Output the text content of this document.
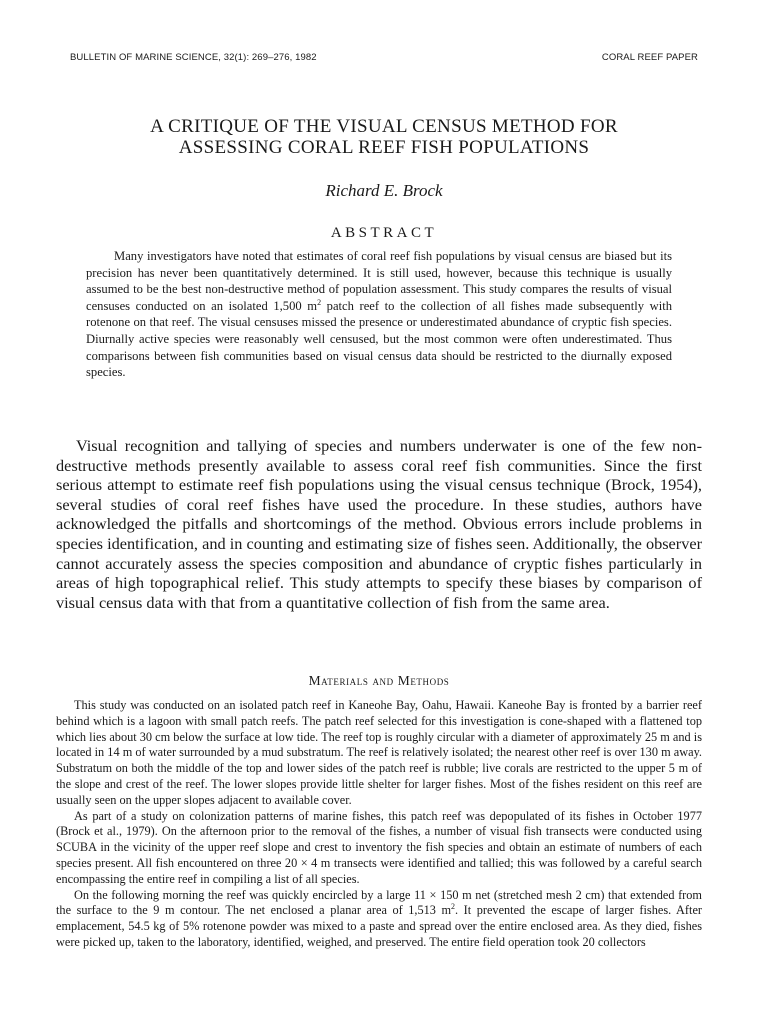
BULLETIN OF MARINE SCIENCE, 32(1): 269–276, 1982	CORAL REEF PAPER
A CRITIQUE OF THE VISUAL CENSUS METHOD FOR
ASSESSING CORAL REEF FISH POPULATIONS
Richard E. Brock
ABSTRACT

Many investigators have noted that estimates of coral reef fish populations by visual census are biased but its precision has never been quantitatively determined. It is still used, however, because this technique is usually assumed to be the best non-destructive method of population assessment. This study compares the results of visual censuses conducted on an isolated 1,500 $m^2$ patch reef to the collection of all fishes made subsequently with rotenone on that reef. The visual censuses missed the presence or underestimated abundance of cryptic fish species. Diurnally active species were reasonably well censused, but the most common were often underestimated. Thus comparisons between fish communities based on visual census data should be restricted to the diurnally exposed species.

Visual recognition and tallying of species and numbers underwater is one of the few non-destructive methods presently available to assess coral reef fish communities. Since the first serious attempt to estimate reef fish populations using the visual census technique (Brock, 1954), several studies of coral reef fishes have used the procedure. In these studies, authors have acknowledged the pitfalls and shortcomings of the method. Obvious errors include problems in species identification, and in counting and estimating size of fishes seen. Additionally, the observer cannot accurately assess the species composition and abundance of cryptic fishes particularly in areas of high topographical relief. This study attempts to specify these biases by comparison of visual census data with that from a quantitative collection of fish from the same area.

Materials and Methods

This study was conducted on an isolated patch reef in Kaneohe Bay, Oahu, Hawaii. Kaneohe Bay is fronted by a barrier reef behind which is a lagoon with small patch reefs. The patch reef selected for this investigation is cone-shaped with a flattened top which lies about 30 cm below the surface at low tide. The reef top is roughly circular with a diameter of approximately 25 m and is located in 14 m of water surrounded by a mud substratum. The reef is relatively isolated; the nearest other reef is over 130 m away. Substratum on both the middle of the top and lower sides of the patch reef is rubble; live corals are restricted to the upper 5 m of the slope and crest of the reef. The lower slopes provide little shelter for larger fishes. Most of the fishes resident on this reef are usually seen on the upper slopes adjacent to available cover.

As part of a study on colonization patterns of marine fishes, this patch reef was depopulated of its fishes in October 1977 (Brock et al., 1979). On the afternoon prior to the removal of the fishes, a number of visual fish transects were conducted using SCUBA in the vicinity of the upper reef slope and crest to inventory the fish species and obtain an estimate of numbers of each species present. All fish encountered on three 20 × 4 m transects were identified and tallied; this was followed by a careful search encompassing the entire reef in compiling a list of all species.

On the following morning the reef was quickly encircled by a large 11 × 150 m net (stretched mesh 2 cm) that extended from the surface to the 9 m contour. The net enclosed a planar area of 1,513 $m^2$. It prevented the escape of larger fishes. After emplacement, 54.5 kg of 5% rotenone powder was mixed to a paste and spread over the entire enclosed area. As they died, fishes were picked up, taken to the laboratory, identified, weighed, and preserved. The entire field operation took 20 collectors
